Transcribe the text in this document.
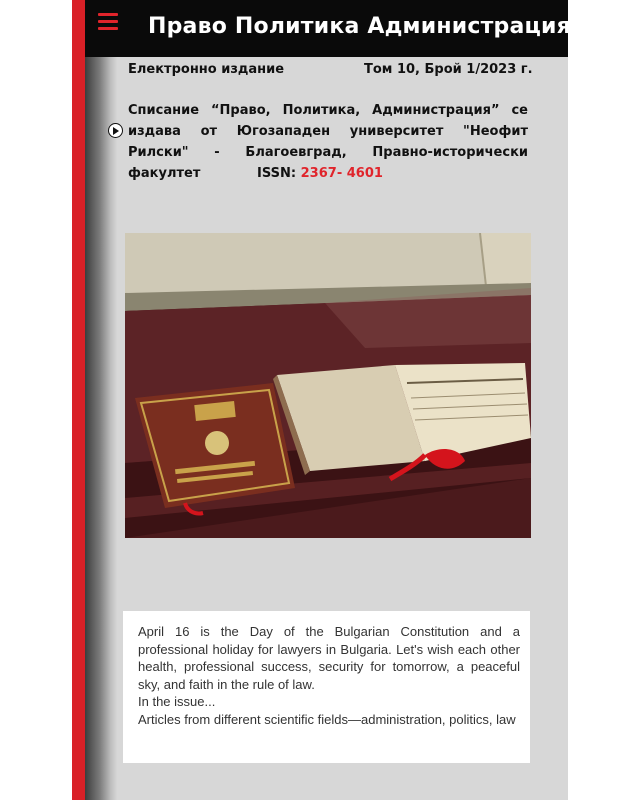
Право Политика Администрация
Електронно издание	Том 10, Брой 1/2023 г.
Списание “Право, Политика, Администрация” се издава от Югозападен университет "Неофит Рилски" - Благоевград, Правно-исторически факултет	ISSN: 2367- 4601

April 16 is the Day of the Bulgarian Constitution and a professional holiday for lawyers in Bulgaria. Let's wish each other health, professional success, security for tomorrow, a peaceful sky, and faith in the rule of law.

In the issue...

Articles from different scientific fields—administration, politics, law
